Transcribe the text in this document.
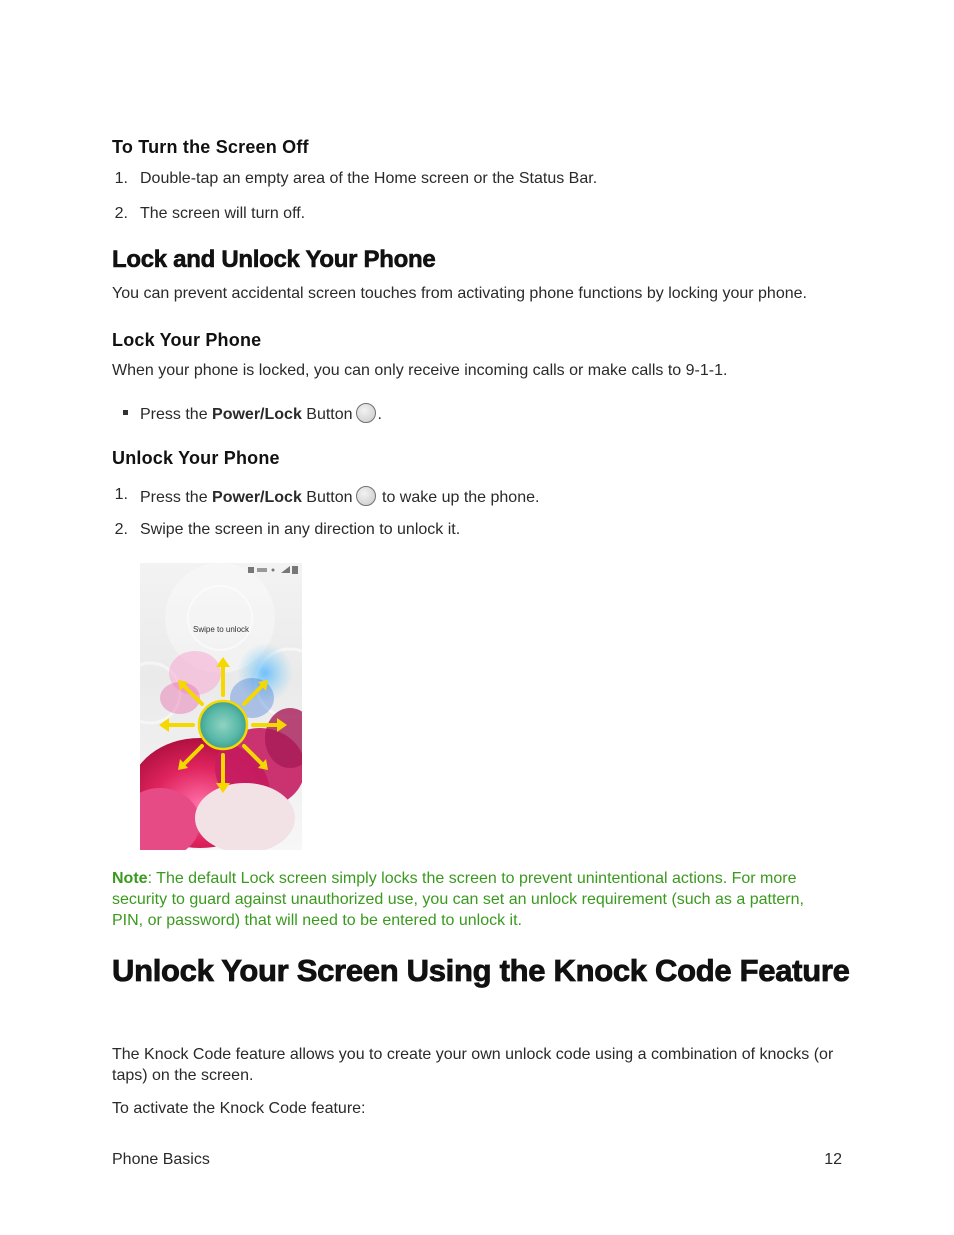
To Turn the Screen Off
1. Double-tap an empty area of the Home screen or the Status Bar.
2. The screen will turn off.
Lock and Unlock Your Phone
You can prevent accidental screen touches from activating phone functions by locking your phone.
Lock Your Phone
When your phone is locked, you can only receive incoming calls or make calls to 9-1-1.
Press the Power/Lock Button .
Unlock Your Phone
1. Press the Power/Lock Button to wake up the phone.
2. Swipe the screen in any direction to unlock it.
Swipe to unlock
Note: The default Lock screen simply locks the screen to prevent unintentional actions. For more security to guard against unauthorized use, you can set an unlock requirement (such as a pattern, PIN, or password) that will need to be entered to unlock it.
Unlock Your Screen Using the Knock Code Feature
The Knock Code feature allows you to create your own unlock code using a combination of knocks (or taps) on the screen.
To activate the Knock Code feature:
Phone Basics	12
